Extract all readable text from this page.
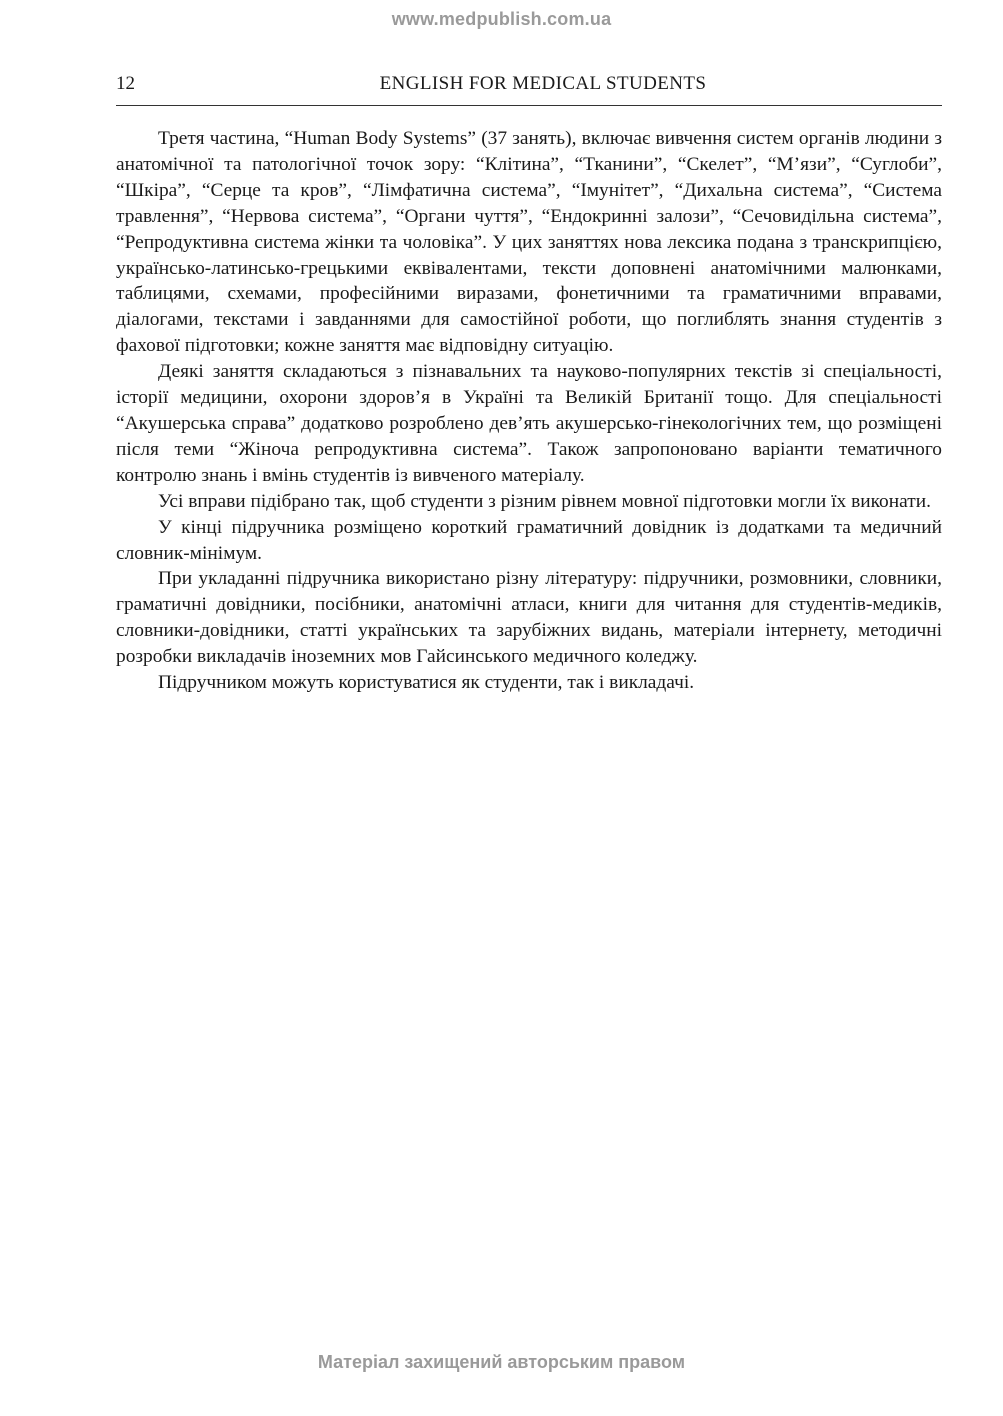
www.medpublish.com.ua
12	ENGLISH FOR MEDICAL STUDENTS

Третя частина, “Human Body Systems” (37 занять), включає вивчення систем органів людини з анатомічної та патологічної точок зору: “Клітина”, “Тканини”, “Скелет”, “М’язи”, “Суглоби”, “Шкіра”, “Серце та кров”, “Лімфатична система”, “Імунітет”, “Дихальна система”, “Система травлення”, “Нервова система”, “Органи чуття”, “Ендокринні залози”, “Сечовидільна система”, “Репродуктивна система жінки та чоловіка”. У цих заняттях нова лексика подана з транскрипцією, українсько-латинсько-грецькими еквівалентами, тексти доповнені анатомічними малюнками, таблицями, схемами, професійними виразами, фонетичними та граматичними вправами, діалогами, текстами і завданнями для самостійної роботи, що поглиблять знання студентів з фахової підготовки; кожне заняття має відповідну ситуацію.

Деякі заняття складаються з пізнавальних та науково-популярних текстів зі спеціальності, історії медицини, охорони здоров’я в Україні та Великій Британії тощо. Для спеціальності “Акушерська справа” додатково розроблено дев’ять акушерсько-гінекологічних тем, що розміщені після теми “Жіноча репродуктивна система”. Також запропоновано варіанти тематичного контролю знань і вмінь студентів із вивченого матеріалу.

Усі вправи підібрано так, щоб студенти з різним рівнем мовної підготовки могли їх виконати.

У кінці підручника розміщено короткий граматичний довідник із додатками та медичний словник-мінімум.

При укладанні підручника використано різну літературу: підручники, розмовники, словники, граматичні довідники, посібники, анатомічні атласи, книги для читання для студентів-медиків, словники-довідники, статті українських та зарубіжних видань, матеріали інтернету, методичні розробки викладачів іноземних мов Гайсинського медичного коледжу.

Підручником можуть користуватися як студенти, так і викладачі.

Матеріал захищений авторським правом
